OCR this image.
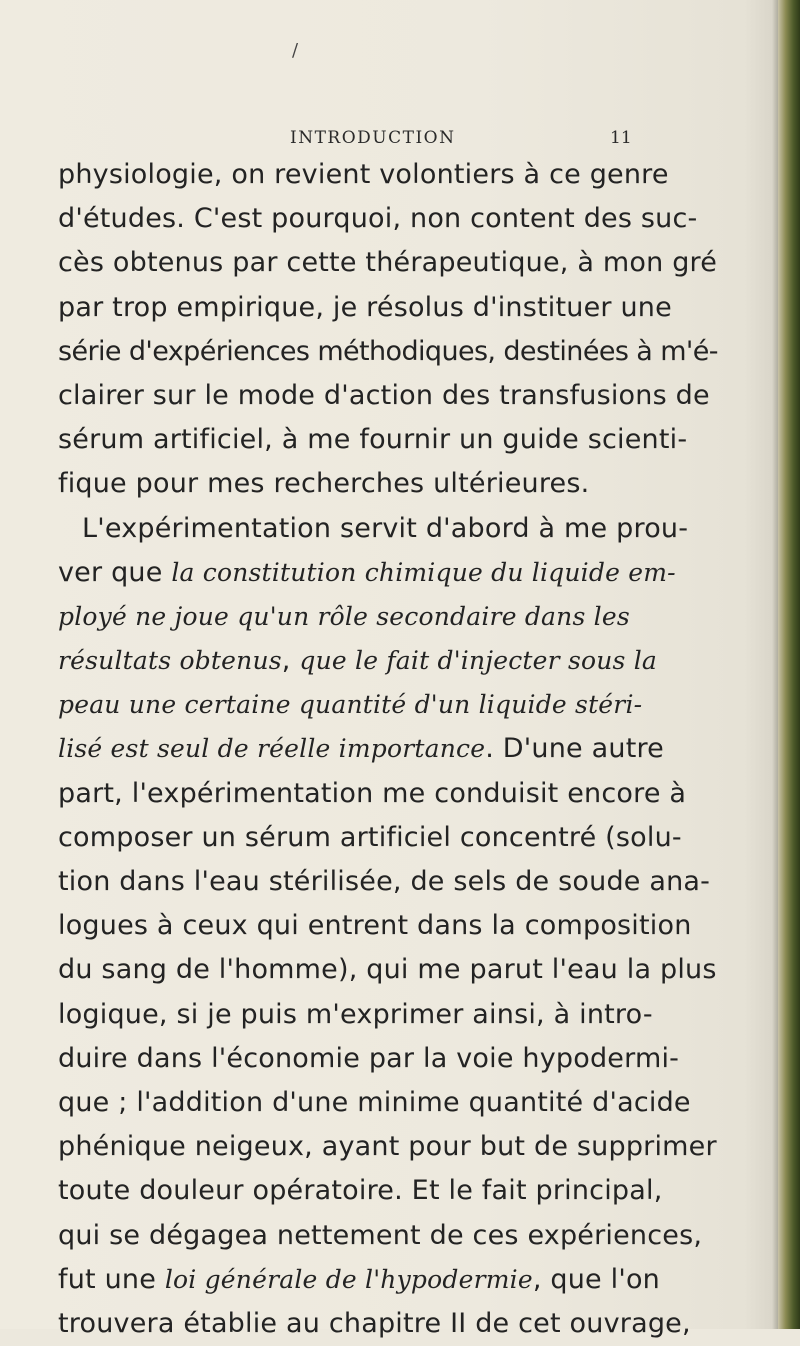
/
INTRODUCTION	11
physiologie, on revient volontiers à ce genre
d'études. C'est pourquoi, non content des suc-
cès obtenus par cette thérapeutique, à mon gré
par trop empirique, je résolus d'instituer une
série d'expériences méthodiques, destinées à m'é-
clairer sur le mode d'action des transfusions de
sérum artificiel, à me fournir un guide scienti-
fique pour mes recherches ultérieures.
L'expérimentation servit d'abord à me prou-
ver que la constitution chimique du liquide em-
ployé ne joue qu'un rôle secondaire dans les
résultats obtenus, que le fait d'injecter sous la
peau une certaine quantité d'un liquide stéri-
lisé est seul de réelle importance. D'une autre
part, l'expérimentation me conduisit encore à
composer un sérum artificiel concentré (solu-
tion dans l'eau stérilisée, de sels de soude ana-
logues à ceux qui entrent dans la composition
du sang de l'homme), qui me parut l'eau la plus
logique, si je puis m'exprimer ainsi, à intro-
duire dans l'économie par la voie hypodermi-
que ; l'addition d'une minime quantité d'acide
phénique neigeux, ayant pour but de supprimer
toute douleur opératoire. Et le fait principal,
qui se dégagea nettement de ces expériences,
fut une loi générale de l'hypodermie, que l'on
trouvera établie au chapitre II de cet ouvrage,
